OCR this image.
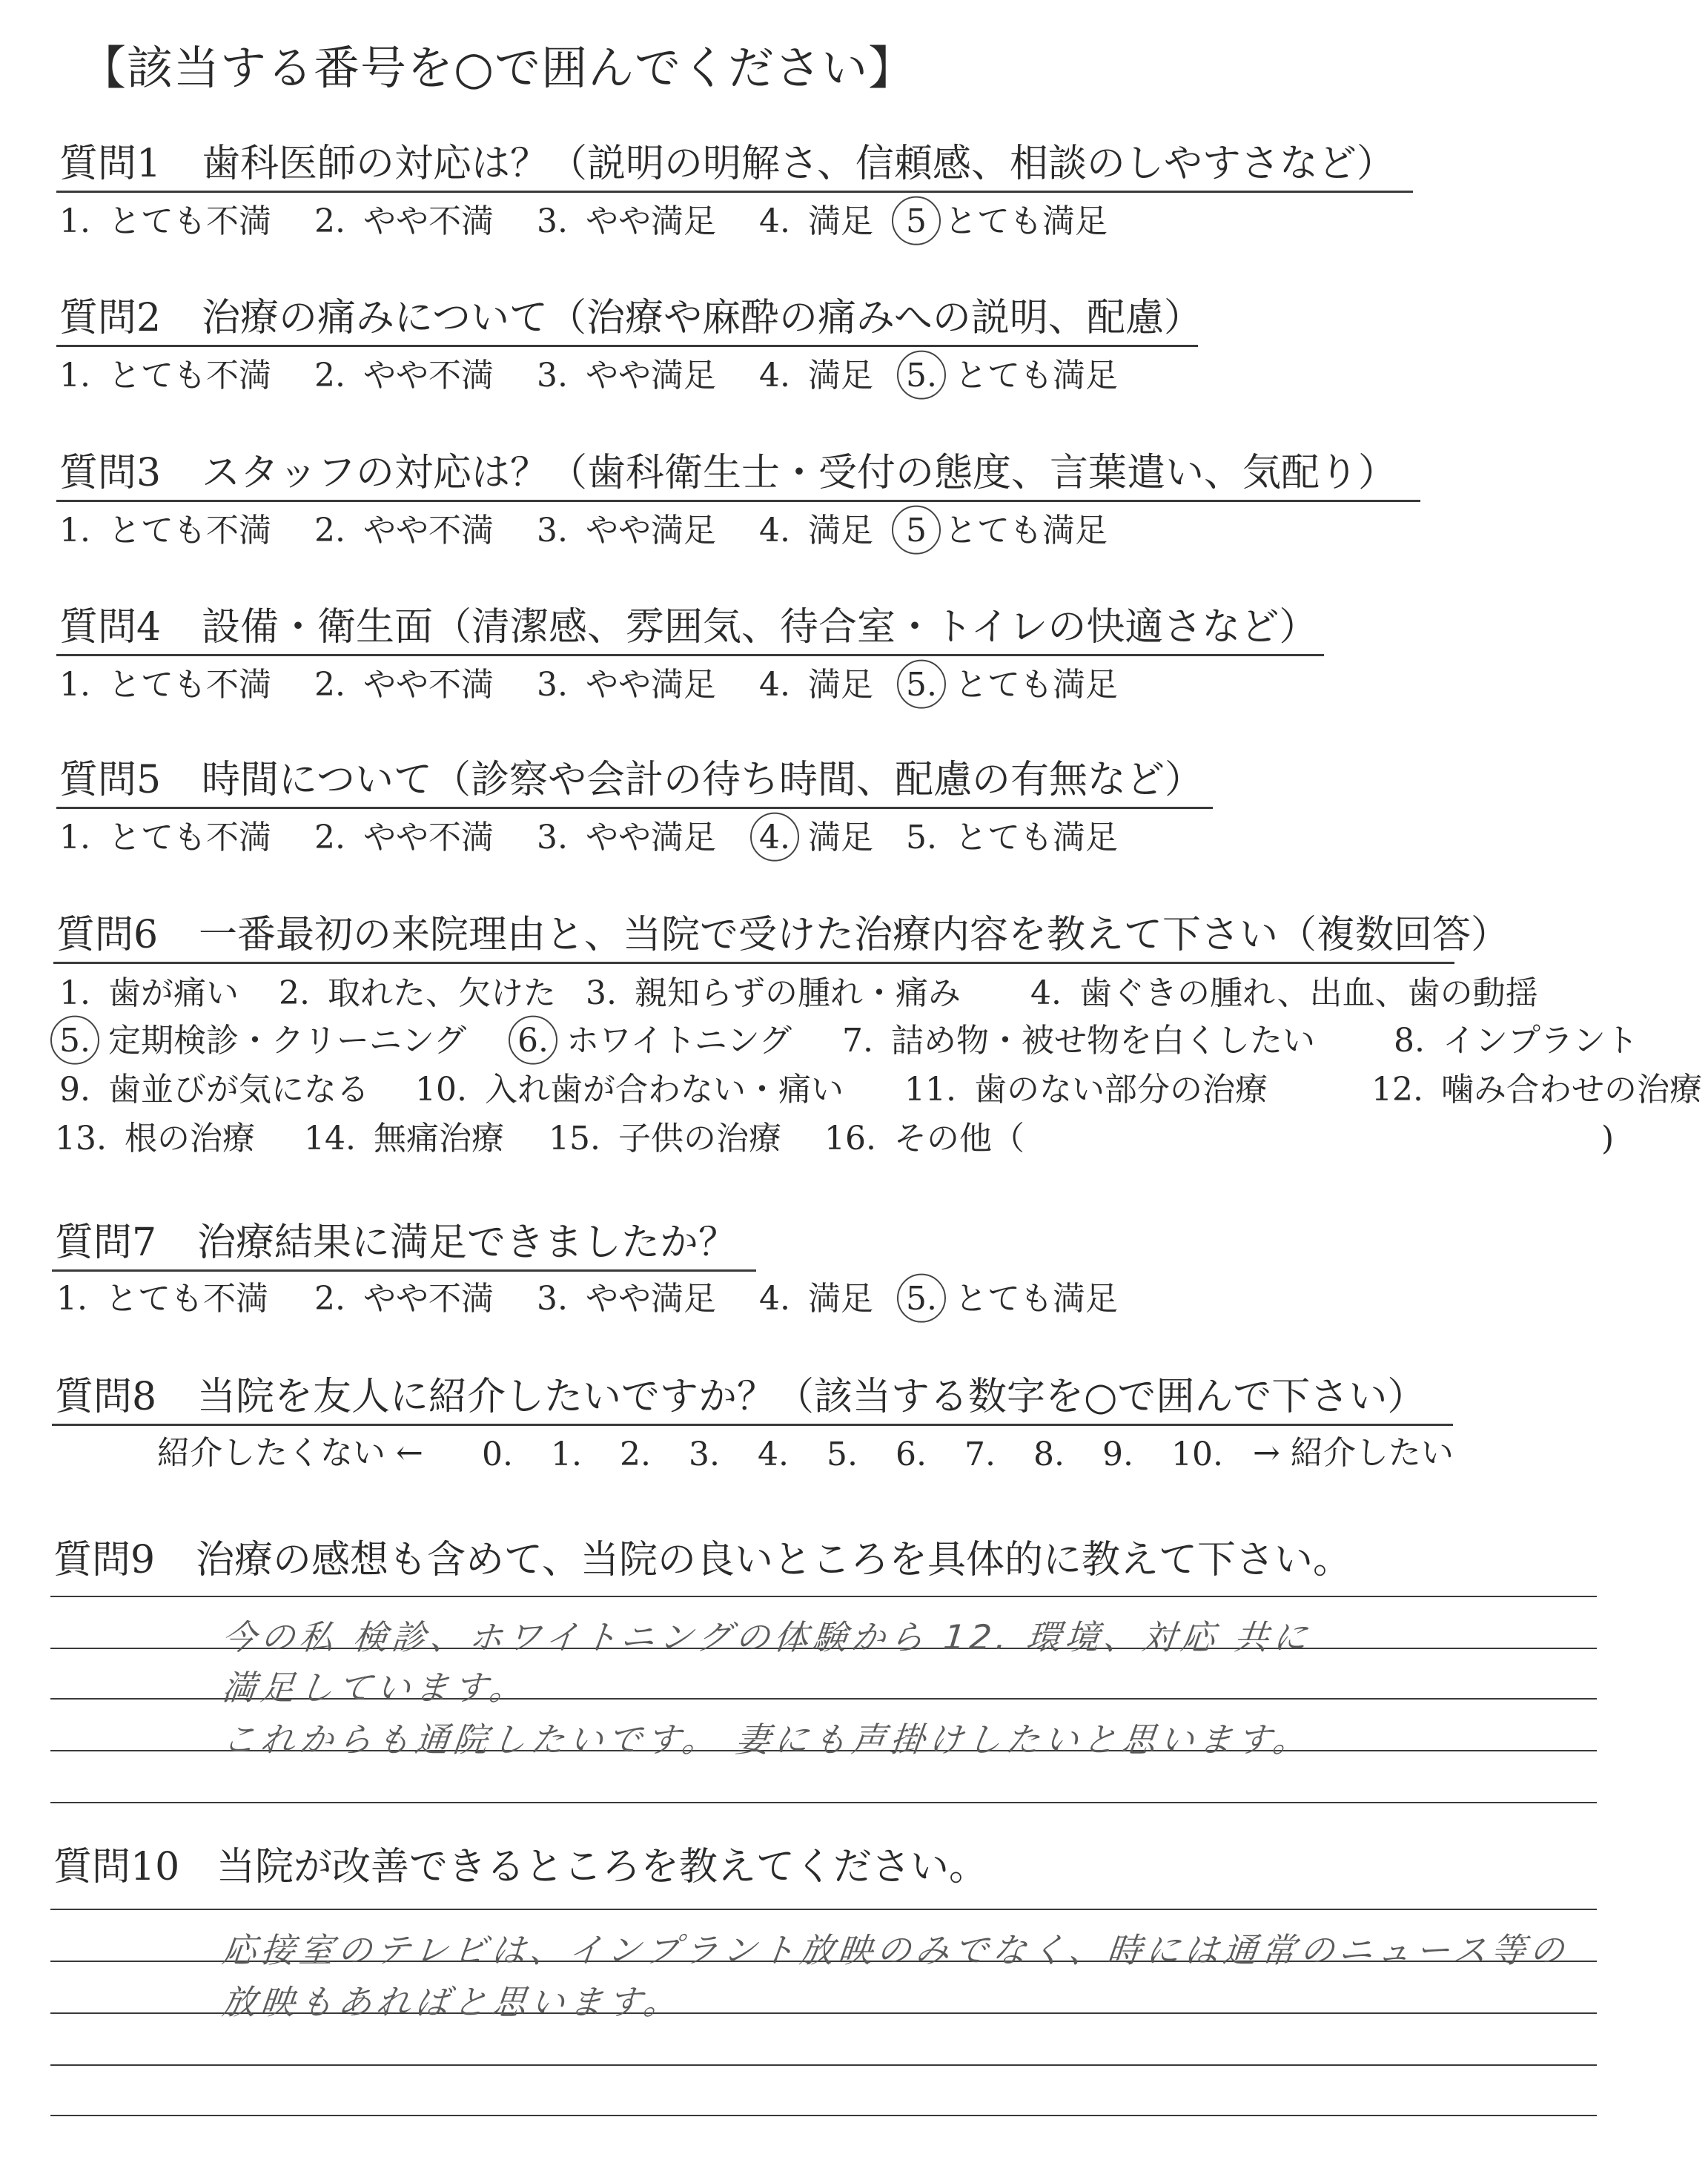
【該当する番号を○で囲んでください】
質問1 歯科医師の対応は？（説明の明解さ、信頼感、相談のしやすさなど）
1. とても不満 2. やや不満 3. やや満足 4. 満足 5 とても満足
質問2 治療の痛みについて（治療や麻酔の痛みへの説明、配慮）
1. とても不満 2. やや不満 3. やや満足 4. 満足 5. とても満足
質問3 スタッフの対応は？（歯科衛生士・受付の態度、言葉遣い、気配り）
1. とても不満 2. やや不満 3. やや満足 4. 満足 5 とても満足
質問4 設備・衛生面（清潔感、雰囲気、待合室・トイレの快適さなど）
1. とても不満 2. やや不満 3. やや満足 4. 満足 5. とても満足
質問5 時間について（診察や会計の待ち時間、配慮の有無など）
1. とても不満 2. やや不満 3. やや満足 4. 満足 5. とても満足
質問6 一番最初の来院理由と、当院で受けた治療内容を教えて下さい（複数回答）
1. 歯が痛い 2. 取れた、欠けた 3. 親知らずの腫れ・痛み 4. 歯ぐきの腫れ、出血、歯の動揺
5. 定期検診・クリーニング 6. ホワイトニング 7. 詰め物・被せ物を白くしたい 8. インプラント
9. 歯並びが気になる 10. 入れ歯が合わない・痛い 11. 歯のない部分の治療	12. 噛み合わせの治療
13. 根の治療 14. 無痛治療 15. 子供の治療 16. その他（	)
質問7 治療結果に満足できましたか？
1. とても不満 2. やや不満 3. やや満足 4. 満足 5. とても満足
質問8 当院を友人に紹介したいですか？（該当する数字を○で囲んで下さい）
紹介したくない ← 0. 1. 2. 3. 4. 5. 6. 7. 8. 9. 10. → 紹介したい
質問9 治療の感想も含めて、当院の良いところを具体的に教えて下さい。
今の私 検診、ホワイトニングの体験から 12. 環境、対応 共に
満足しています。
これからも通院したいです。 妻にも声掛けしたいと思います。
質問10 当院が改善できるところを教えてください。
応接室のテレビは、インプラント放映のみでなく、時には通常のニュース等の
放映もあればと思います。
